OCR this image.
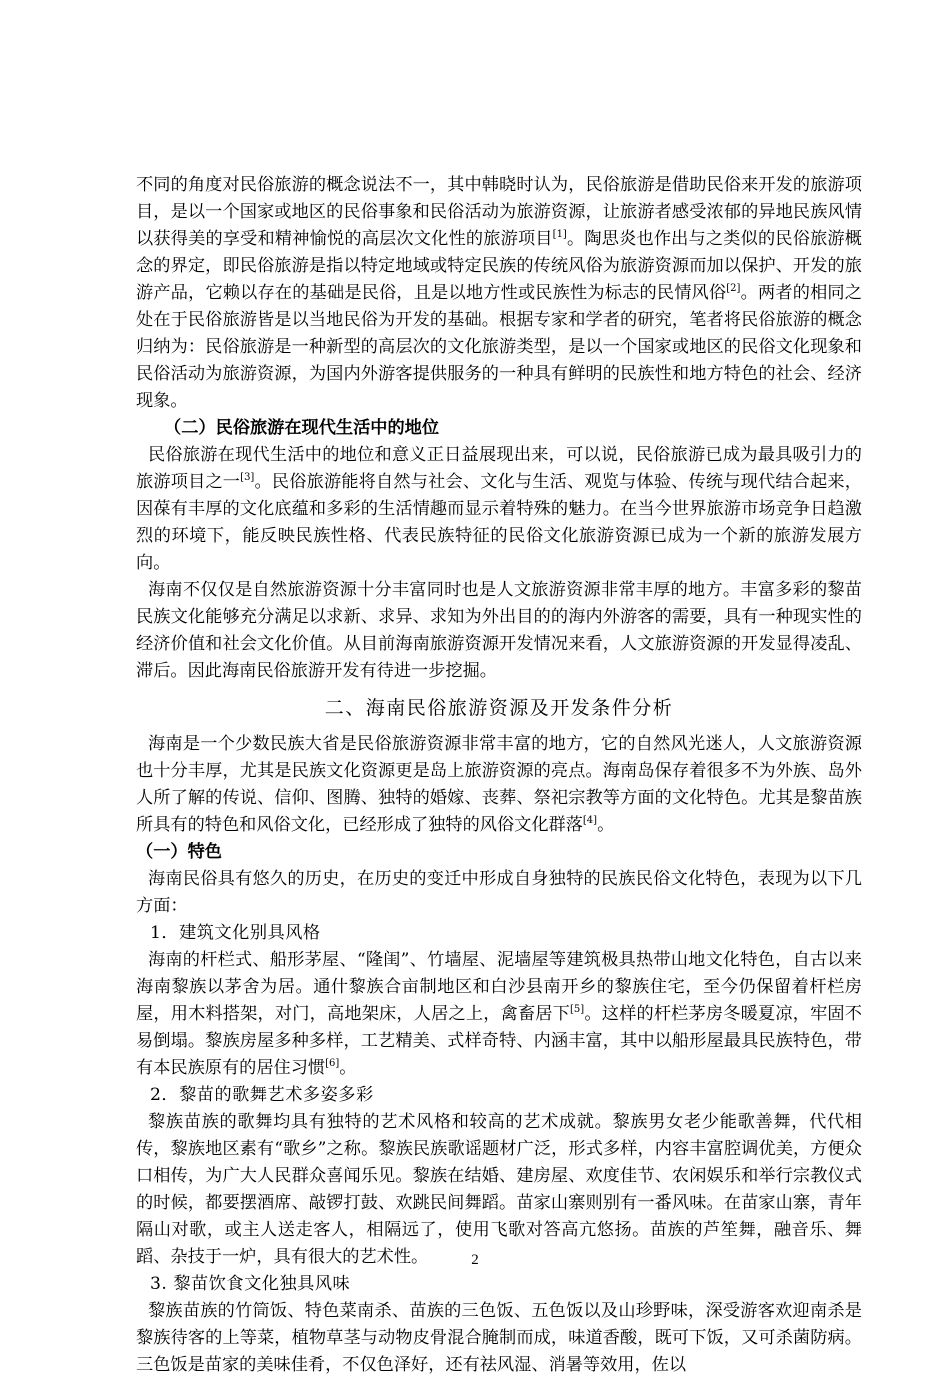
不同的角度对民俗旅游的概念说法不一，其中韩晓时认为，民俗旅游是借助民俗来开发的旅游项目，是以一个国家或地区的民俗事象和民俗活动为旅游资源，让旅游者感受浓郁的异地民族风情以获得美的享受和精神愉悦的高层次文化性的旅游项目[1]。陶思炎也作出与之类似的民俗旅游概念的界定，即民俗旅游是指以特定地域或特定民族的传统风俗为旅游资源而加以保护、开发的旅游产品，它赖以存在的基础是民俗，且是以地方性或民族性为标志的民情风俗[2]。两者的相同之处在于民俗旅游皆是以当地民俗为开发的基础。根据专家和学者的研究，笔者将民俗旅游的概念归纳为：民俗旅游是一种新型的高层次的文化旅游类型，是以一个国家或地区的民俗文化现象和民俗活动为旅游资源，为国内外游客提供服务的一种具有鲜明的民族性和地方特色的社会、经济现象。

（二）民俗旅游在现代生活中的地位

民俗旅游在现代生活中的地位和意义正日益展现出来，可以说，民俗旅游已成为最具吸引力的旅游项目之一[3]。民俗旅游能将自然与社会、文化与生活、观览与体验、传统与现代结合起来，因葆有丰厚的文化底蕴和多彩的生活情趣而显示着特殊的魅力。在当今世界旅游市场竞争日趋激烈的环境下，能反映民族性格、代表民族特征的民俗文化旅游资源已成为一个新的旅游发展方向。

海南不仅仅是自然旅游资源十分丰富同时也是人文旅游资源非常丰厚的地方。丰富多彩的黎苗民族文化能够充分满足以求新、求异、求知为外出目的的海内外游客的需要，具有一种现实性的经济价值和社会文化价值。从目前海南旅游资源开发情况来看，人文旅游资源的开发显得凌乱、滞后。因此海南民俗旅游开发有待进一步挖掘。

二、海南民俗旅游资源及开发条件分析

海南是一个少数民族大省是民俗旅游资源非常丰富的地方，它的自然风光迷人，人文旅游资源也十分丰厚，尤其是民族文化资源更是岛上旅游资源的亮点。海南岛保存着很多不为外族、岛外人所了解的传说、信仰、图腾、独特的婚嫁、丧葬、祭祀宗教等方面的文化特色。尤其是黎苗族所具有的特色和风俗文化，已经形成了独特的风俗文化群落[4]。

（一）特色

海南民俗具有悠久的历史，在历史的变迁中形成自身独特的民族民俗文化特色，表现为以下几方面：

1．建筑文化别具风格

海南的杆栏式、船形茅屋、“隆闺”、竹墙屋、泥墙屋等建筑极具热带山地文化特色，自古以来海南黎族以茅舍为居。通什黎族合亩制地区和白沙县南开乡的黎族住宅，至今仍保留着杆栏房屋，用木料搭架，对门，高地架床，人居之上，禽畜居下[5]。这样的杆栏茅房冬暖夏凉，牢固不易倒塌。黎族房屋多种多样，工艺精美、式样奇特、内涵丰富，其中以船形屋最具民族特色，带有本民族原有的居住习惯[6]。

2．黎苗的歌舞艺术多姿多彩

黎族苗族的歌舞均具有独特的艺术风格和较高的艺术成就。黎族男女老少能歌善舞，代代相传，黎族地区素有“歌乡”之称。黎族民族歌谣题材广泛，形式多样，内容丰富腔调优美，方便众口相传，为广大人民群众喜闻乐见。黎族在结婚、建房屋、欢度佳节、农闲娱乐和举行宗教仪式的时候，都要摆酒席、敲锣打鼓、欢跳民间舞蹈。苗家山寨则别有一番风味。在苗家山寨，青年隔山对歌，或主人送走客人，相隔远了，使用飞歌对答高亢悠扬。苗族的芦笙舞，融音乐、舞蹈、杂技于一炉，具有很大的艺术性。

3. 黎苗饮食文化独具风味

黎族苗族的竹筒饭、特色菜南杀、苗族的三色饭、五色饭以及山珍野味，深受游客欢迎南杀是黎族待客的上等菜，植物草茎与动物皮骨混合腌制而成，味道香酸，既可下饭，又可杀菌防病。三色饭是苗家的美味佳肴，不仅色泽好，还有祛风湿、消暑等效用，佐以

2
